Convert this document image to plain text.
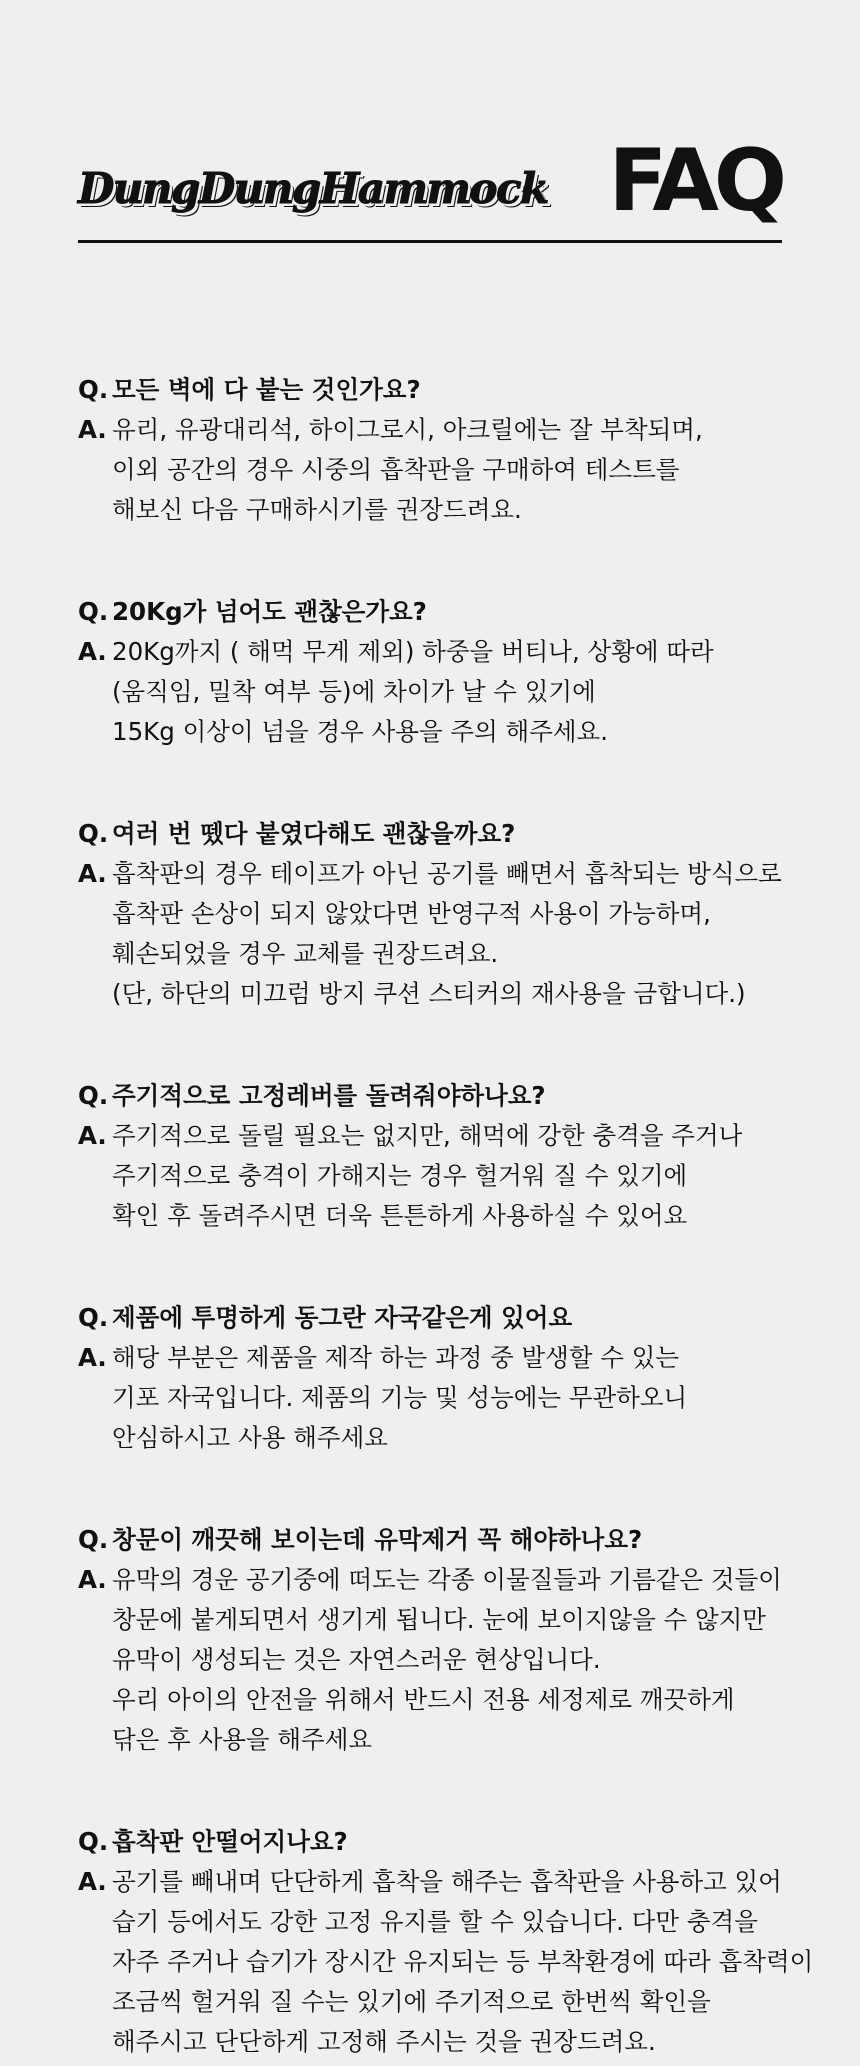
DungDungHammock FAQ
Q. 모든 벽에 다 붙는 것인가요?
A. 유리, 유광대리석, 하이그로시, 아크릴에는 잘 부착되며,
이외 공간의 경우 시중의 흡착판을 구매하여 테스트를
해보신 다음 구매하시기를 권장드려요.
Q. 20Kg가 넘어도 괜찮은가요?
A. 20Kg까지 ( 해먹 무게 제외) 하중을 버티나, 상황에 따라
(움직임, 밀착 여부 등)에 차이가 날 수 있기에
15Kg 이상이 넘을 경우 사용을 주의 해주세요.
Q. 여러 번 뗐다 붙였다해도 괜찮을까요?
A. 흡착판의 경우 테이프가 아닌 공기를 빼면서 흡착되는 방식으로
흡착판 손상이 되지 않았다면 반영구적 사용이 가능하며,
훼손되었을 경우 교체를 권장드려요.
(단, 하단의 미끄럼 방지 쿠션 스티커의 재사용을 금합니다.)
Q. 주기적으로 고정레버를 돌려줘야하나요?
A. 주기적으로 돌릴 필요는 없지만, 해먹에 강한 충격을 주거나
주기적으로 충격이 가해지는 경우 헐거워 질 수 있기에
확인 후 돌려주시면 더욱 튼튼하게 사용하실 수 있어요
Q. 제품에 투명하게 동그란 자국같은게 있어요
A. 해당 부분은 제품을 제작 하는 과정 중 발생할 수 있는
기포 자국입니다. 제품의 기능 및 성능에는 무관하오니
안심하시고 사용 해주세요
Q. 창문이 깨끗해 보이는데 유막제거 꼭 해야하나요?
A. 유막의 경운 공기중에 떠도는 각종 이물질들과 기름같은 것들이
창문에 붙게되면서 생기게 됩니다. 눈에 보이지않을 수 않지만
유막이 생성되는 것은 자연스러운 현상입니다.
우리 아이의 안전을 위해서 반드시 전용 세정제로 깨끗하게
닦은 후 사용을 해주세요
Q. 흡착판 안떨어지나요?
A. 공기를 빼내며 단단하게 흡착을 해주는 흡착판을 사용하고 있어
습기 등에서도 강한 고정 유지를 할 수 있습니다. 다만 충격을
자주 주거나 습기가 장시간 유지되는 등 부착환경에 따라 흡착력이
조금씩 헐거워 질 수는 있기에 주기적으로 한번씩 확인을
해주시고 단단하게 고정해 주시는 것을 권장드려요.
